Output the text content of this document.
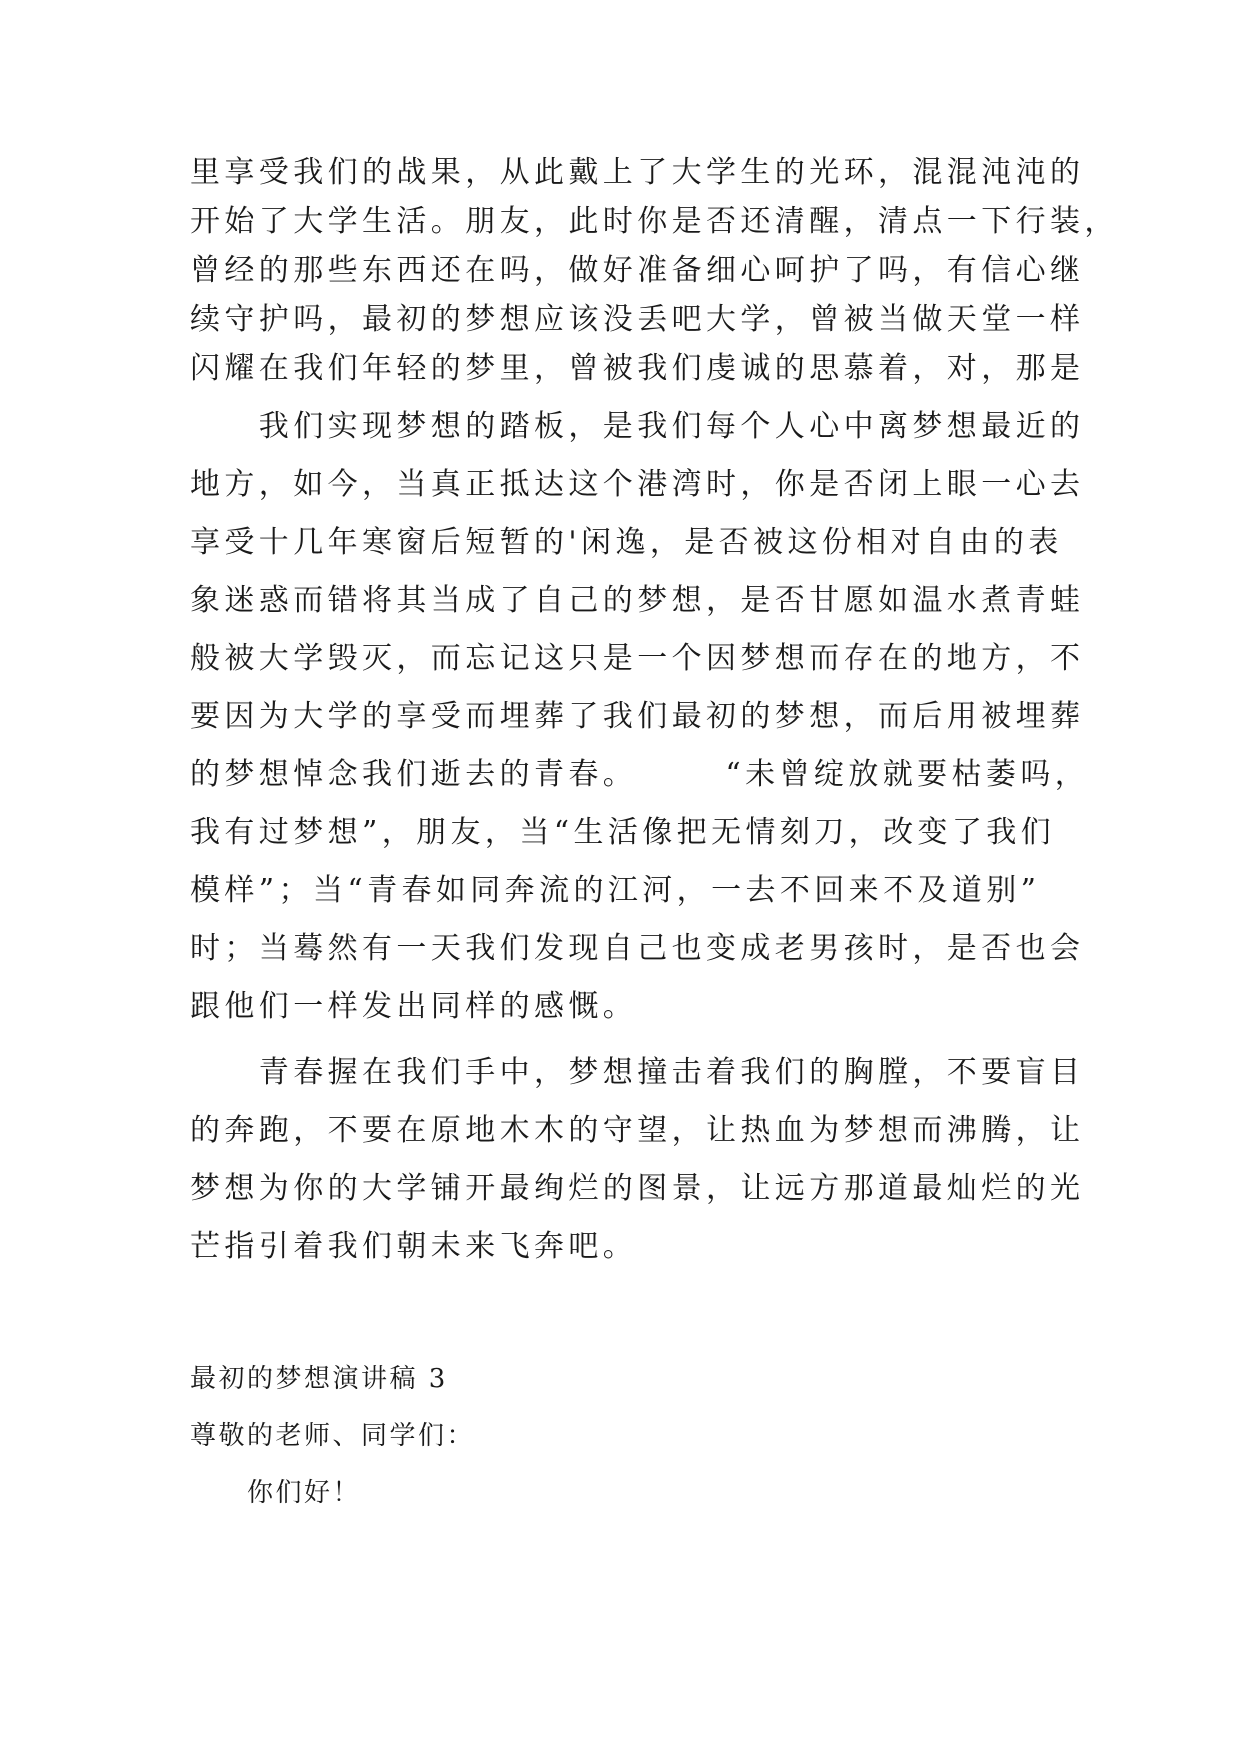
里享受我们的战果，从此戴上了大学生的光环，混混沌沌的
开始了大学生活。朋友，此时你是否还清醒，清点一下行装，
曾经的那些东西还在吗，做好准备细心呵护了吗，有信心继
续守护吗，最初的梦想应该没丢吧大学，曾被当做天堂一样
闪耀在我们年轻的梦里，曾被我们虔诚的思慕着，对，那是
　　我们实现梦想的踏板，是我们每个人心中离梦想最近的
地方，如今，当真正抵达这个港湾时，你是否闭上眼一心去
享受十几年寒窗后短暂的'闲逸，是否被这份相对自由的表
象迷惑而错将其当成了自己的梦想，是否甘愿如温水煮青蛙
般被大学毁灭，而忘记这只是一个因梦想而存在的地方，不
要因为大学的享受而埋葬了我们最初的梦想，而后用被埋葬
的梦想悼念我们逝去的青春。　　　“未曾绽放就要枯萎吗，
我有过梦想”，朋友，当“生活像把无情刻刀，改变了我们
模样”；当“青春如同奔流的江河，一去不回来不及道别”
时；当蓦然有一天我们发现自己也变成老男孩时，是否也会
跟他们一样发出同样的感慨。
　　青春握在我们手中，梦想撞击着我们的胸膛，不要盲目
的奔跑，不要在原地木木的守望，让热血为梦想而沸腾，让
梦想为你的大学铺开最绚烂的图景，让远方那道最灿烂的光
芒指引着我们朝未来飞奔吧。
最初的梦想演讲稿 3
尊敬的老师、同学们：
　　你们好！
